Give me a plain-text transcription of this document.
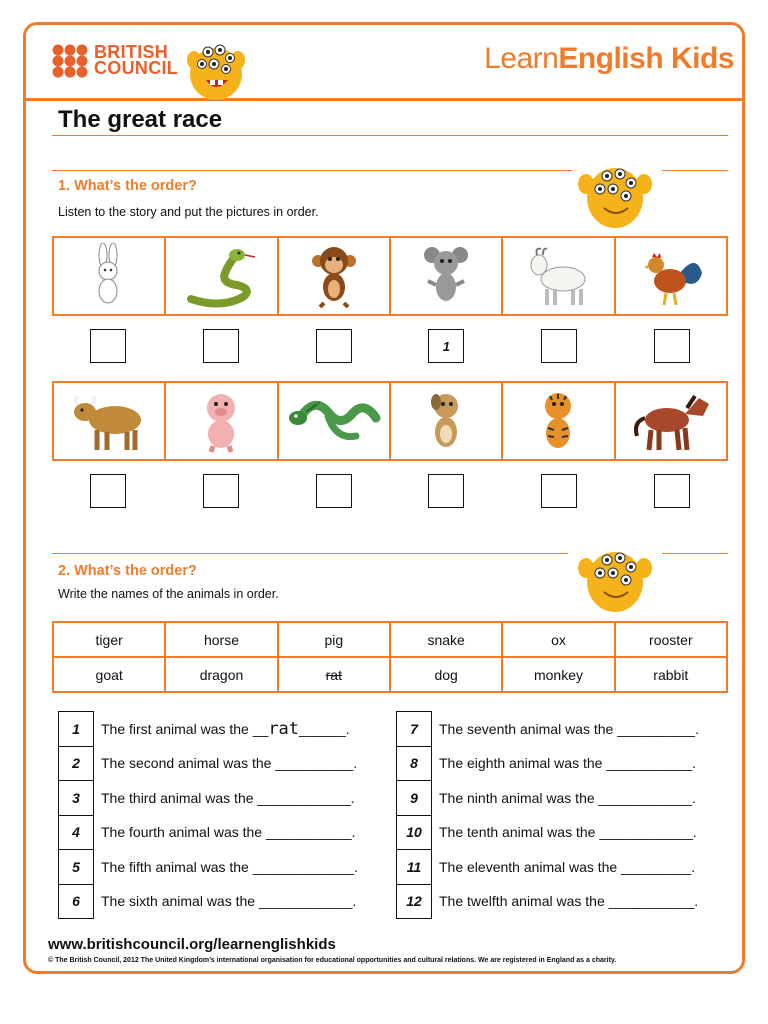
BRITISH
COUNCIL	LearnEnglish Kids
The great race
1. What’s the order?
Listen to the story and put the pictures in order.
1
2. What’s the order?
Write the names of the animals in order.
tiger	horse	pig	snake	ox	rooster
goat	dragon	rat	dog	monkey	rabbit
1	The first animal was the __rat______.
2	The second animal was the __________.
3	The third animal was the ____________.
4	The fourth animal was the ___________.
5	The fifth animal was the _____________.
6	The sixth animal was the ____________.
7	The seventh animal was the __________.
8	The eighth animal was the ___________.
9	The ninth animal was the ____________.
10	The tenth animal was the ____________.
11	The eleventh animal was the _________.
12	The twelfth animal was the ___________.
www.britishcouncil.org/learnenglishkids
© The British Council, 2012 The United Kingdom’s international organisation for educational opportunities and cultural relations. We are registered in England as a charity.
